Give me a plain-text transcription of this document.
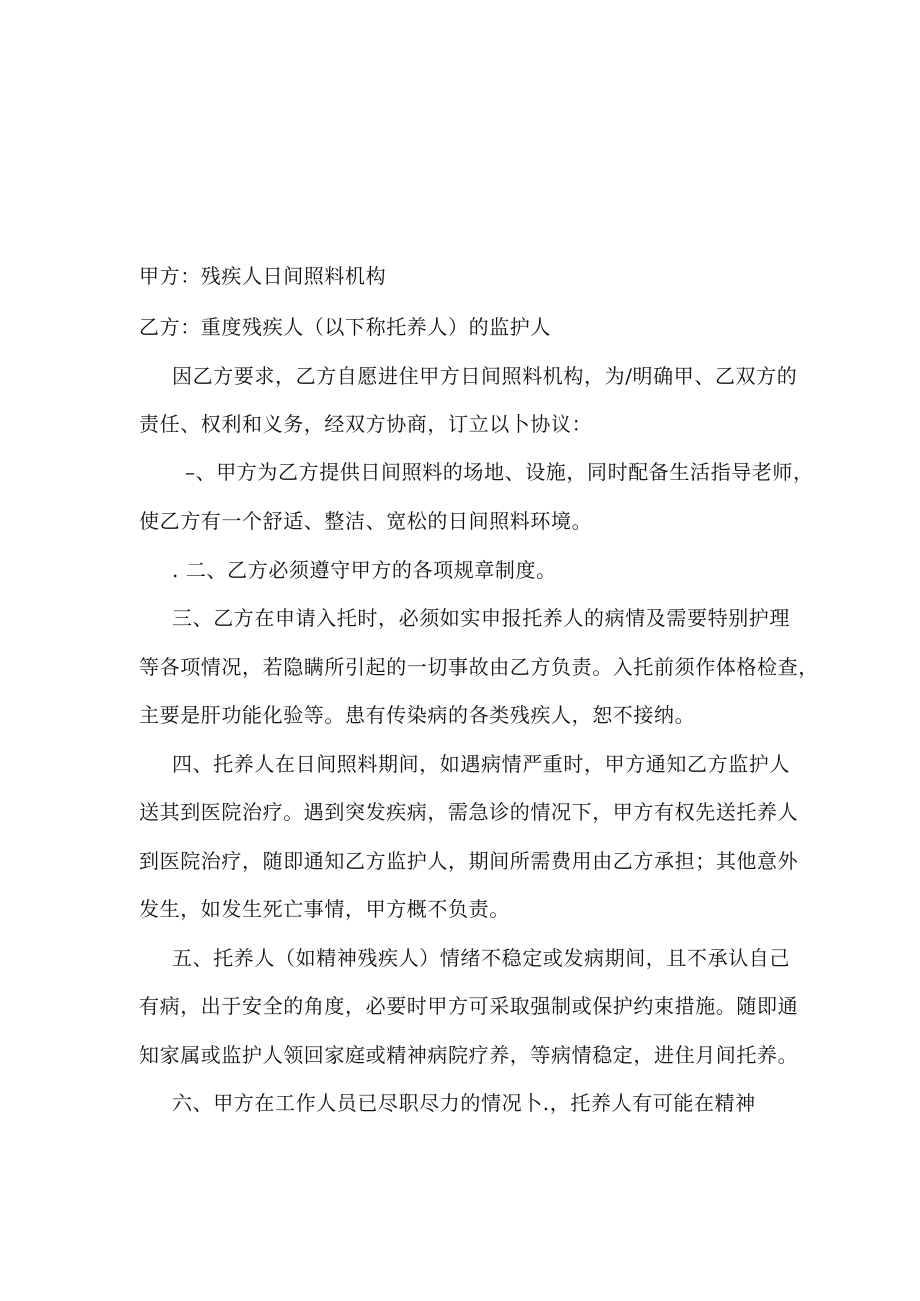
甲方：残疾人日间照料机构
乙方：重度残疾人（以下称托养人）的监护人
因乙方要求，乙方自愿进住甲方日间照料机构，为/明确甲、乙双方的
责任、权利和义务，经双方协商，订立以卜协议：
–、甲方为乙方提供日间照料的场地、设施，同时配备生活指导老师，
使乙方有一个舒适、整洁、宽松的日间照料环境。
. 二、乙方必须遵守甲方的各项规章制度。
三、乙方在申请入托时，必须如实申报托养人的病情及需要特别护理
等各项情况，若隐瞒所引起的一切事故由乙方负责。入托前须作体格检查，
主要是肝功能化验等。患有传染病的各类残疾人，恕不接纳。
四、托养人在日间照料期间，如遇病情严重时，甲方通知乙方监护人
送其到医院治疗。遇到突发疾病，需急诊的情况下，甲方有权先送托养人
到医院治疗，随即通知乙方监护人，期间所需费用由乙方承担；其他意外
发生，如发生死亡事情，甲方概不负责。
五、托养人（如精神残疾人）情绪不稳定或发病期间，且不承认自己
有病，出于安全的角度，必要时甲方可采取强制或保护约束措施。随即通
知家属或监护人领回家庭或精神病院疗养，等病情稳定，进住月间托养。
六、甲方在工作人员已尽职尽力的情况卜.，托养人有可能在精神
